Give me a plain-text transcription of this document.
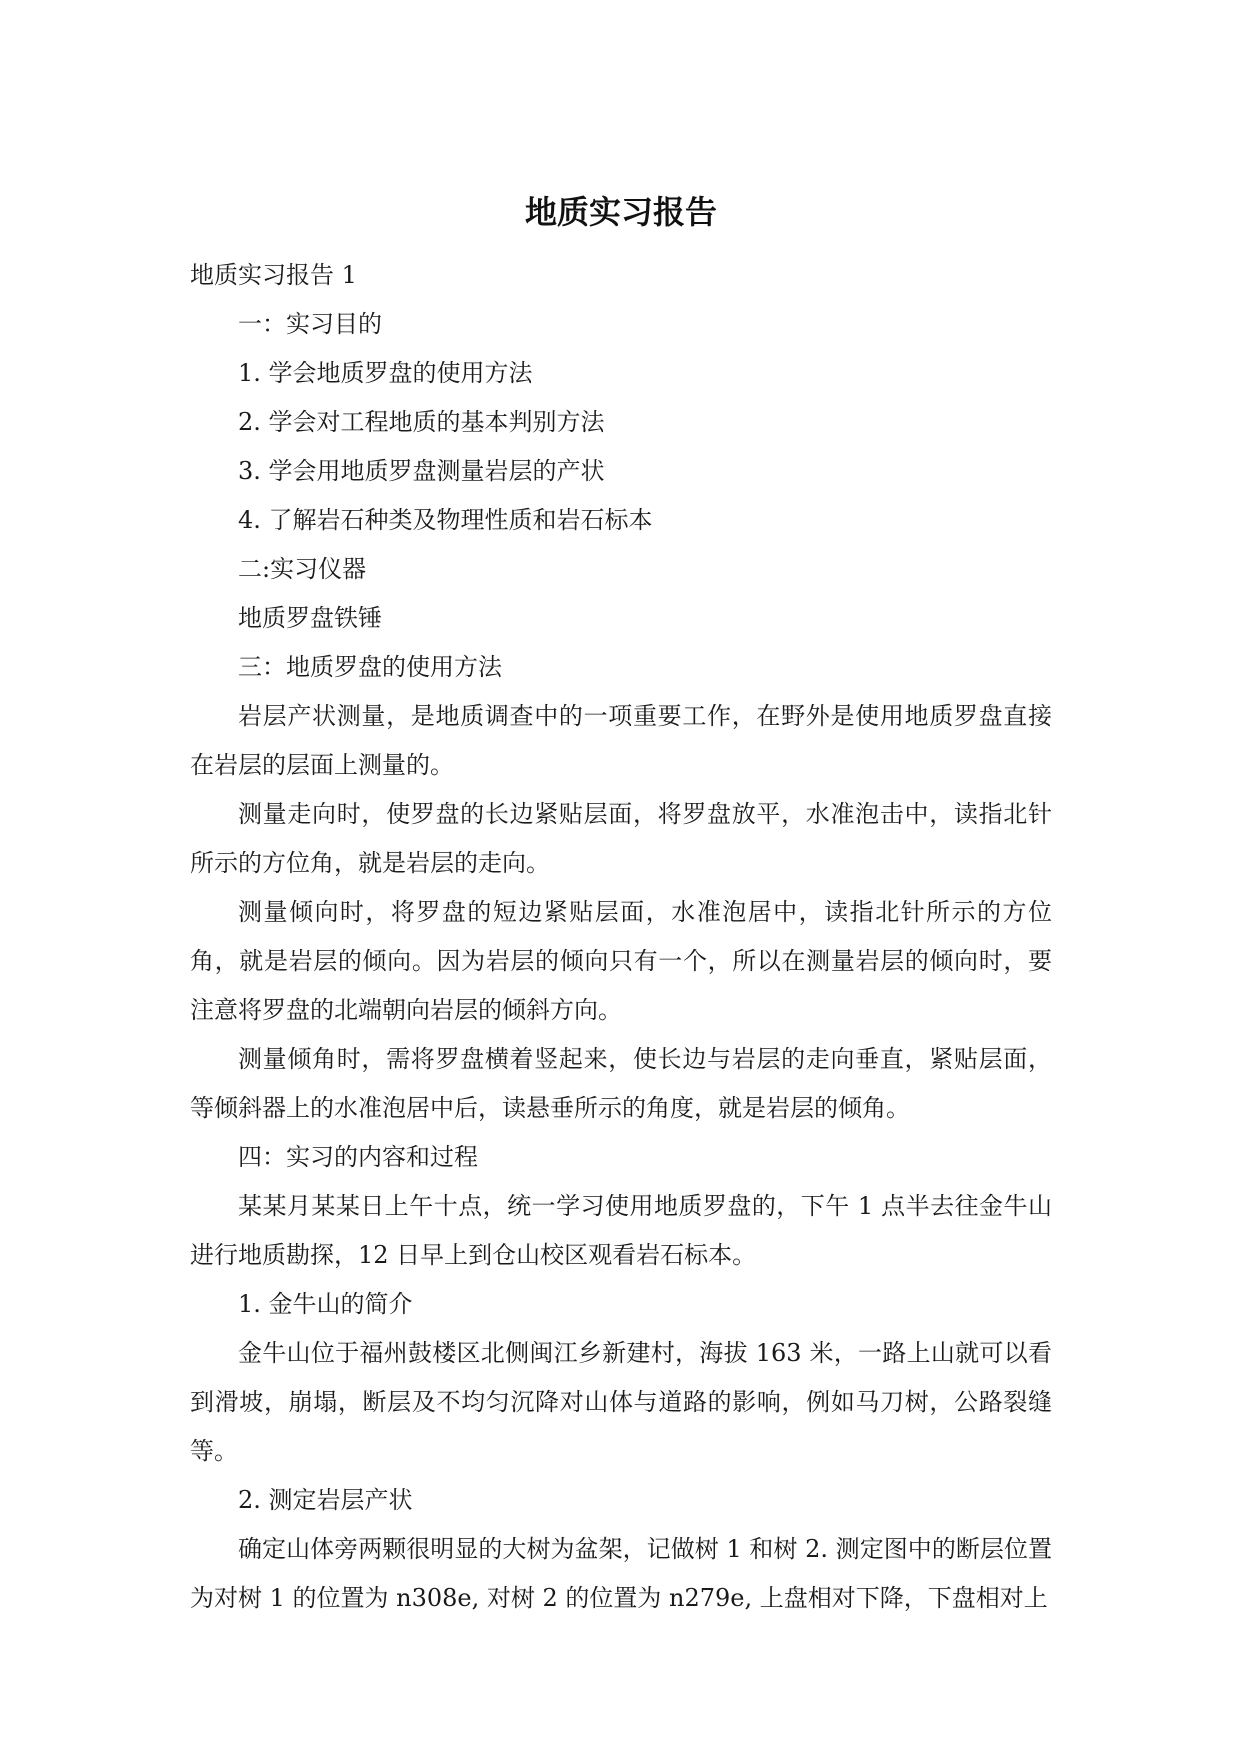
地质实习报告

地质实习报告 1

一：实习目的

1. 学会地质罗盘的使用方法

2. 学会对工程地质的基本判别方法

3. 学会用地质罗盘测量岩层的产状

4. 了解岩石种类及物理性质和岩石标本

二:实习仪器

地质罗盘铁锤

三：地质罗盘的使用方法

岩层产状测量，是地质调查中的一项重要工作，在野外是使用地质罗盘直接在岩层的层面上测量的。

测量走向时，使罗盘的长边紧贴层面，将罗盘放平，水准泡击中，读指北针所示的方位角，就是岩层的走向。

测量倾向时，将罗盘的短边紧贴层面，水准泡居中，读指北针所示的方位角，就是岩层的倾向。因为岩层的倾向只有一个，所以在测量岩层的倾向时，要注意将罗盘的北端朝向岩层的倾斜方向。

测量倾角时，需将罗盘横着竖起来，使长边与岩层的走向垂直，紧贴层面，等倾斜器上的水准泡居中后，读悬垂所示的角度，就是岩层的倾角。

四：实习的内容和过程

某某月某某日上午十点，统一学习使用地质罗盘的，下午 1 点半去往金牛山进行地质勘探，12 日早上到仓山校区观看岩石标本。

1. 金牛山的简介

金牛山位于福州鼓楼区北侧闽江乡新建村，海拔 163 米，一路上山就可以看到滑坡，崩塌，断层及不均匀沉降对山体与道路的影响，例如马刀树，公路裂缝等。

2. 测定岩层产状

确定山体旁两颗很明显的大树为盆架，记做树 1 和树 2. 测定图中的断层位置为对树 1 的位置为 n308e, 对树 2 的位置为 n279e, 上盘相对下降，下盘相对上
